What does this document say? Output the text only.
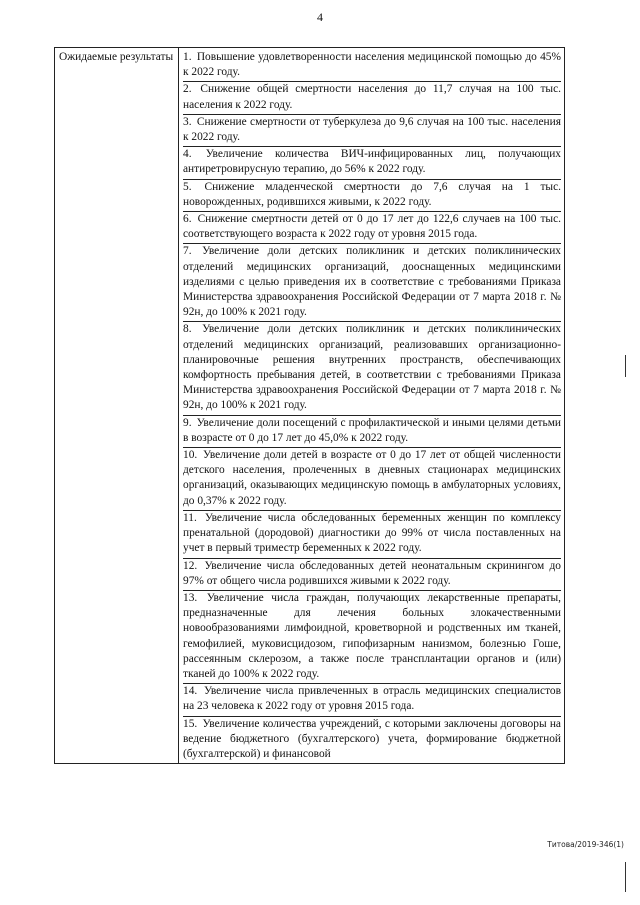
4
Ожидаемые результаты	1. Повышение удовлетворенности населения медицинской помощью до 45% к 2022 году.

2. Снижение общей смертности населения до 11,7 случая на 100 тыс. населения к 2022 году.

3. Снижение смертности от туберкулеза до 9,6 случая на 100 тыс. населения к 2022 году.

4. Увеличение количества ВИЧ-инфицированных лиц, получающих антиретровирусную терапию, до 56% к 2022 году.

5. Снижение младенческой смертности до 7,6 случая на 1 тыс. новорожденных, родившихся живыми, к 2022 году.

6. Снижение смертности детей от 0 до 17 лет до 122,6 случаев на 100 тыс. соответствующего возраста к 2022 году от уровня 2015 года.

7. Увеличение доли детских поликлиник и детских поликлинических отделений медицинских организаций, дооснащенных медицинскими изделиями с целью приведения их в соответствие с требованиями Приказа Министерства здравоохранения Российской Федерации от 7 марта 2018 г. № 92н, до 100% к 2021 году.

8. Увеличение доли детских поликлиник и детских поликлинических отделений медицинских организаций, реализовавших организационно-планировочные решения внутренних пространств, обеспечивающих комфортность пребывания детей, в соответствии с требованиями Приказа Министерства здравоохранения Российской Федерации от 7 марта 2018 г. № 92н, до 100% к 2021 году.

9. Увеличение доли посещений с профилактической и иными целями детьми в возрасте от 0 до 17 лет до 45,0% к 2022 году.

10. Увеличение доли детей в возрасте от 0 до 17 лет от общей численности детского населения, пролеченных в дневных стационарах медицинских организаций, оказывающих медицинскую помощь в амбулаторных условиях, до 0,37% к 2022 году.

11. Увеличение числа обследованных беременных женщин по комплексу пренатальной (дородовой) диагностики до 99% от числа поставленных на учет в первый триместр беременных к 2022 году.

12. Увеличение числа обследованных детей неонатальным скринингом до 97% от общего числа родившихся живыми к 2022 году.

13. Увеличение числа граждан, получающих лекарственные препараты, предназначенные для лечения больных злокачественными новообразованиями лимфоидной, кроветворной и родственных им тканей, гемофилией, муковисцидозом, гипофизарным нанизмом, болезнью Гоше, рассеянным склерозом, а также после трансплантации органов и (или) тканей до 100% к 2022 году.

14. Увеличение числа привлеченных в отрасль медицинских специалистов на 23 человека к 2022 году от уровня 2015 года.

15. Увеличение количества учреждений, с которыми заключены договоры на ведение бюджетного (бухгалтерского) учета, формирование бюджетной (бухгалтерской) и финансовой

Титова/2019-346(1)
